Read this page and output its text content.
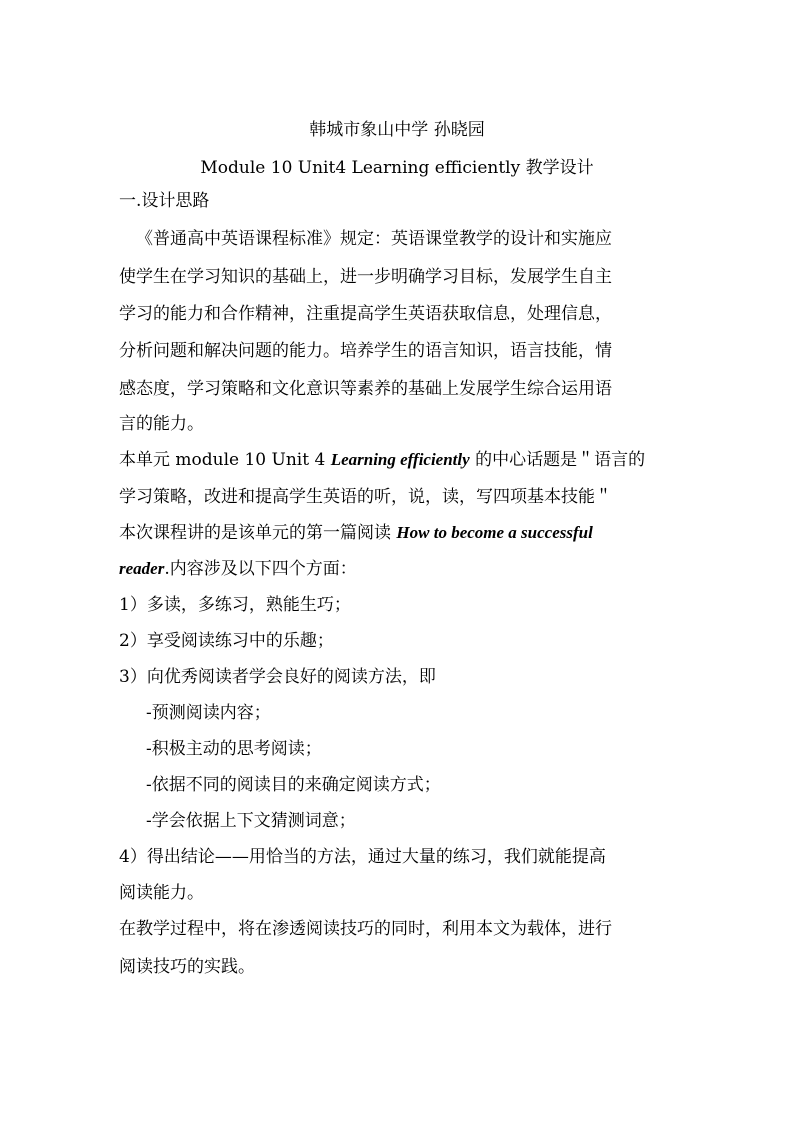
韩城市象山中学 孙晓园

Module 10 Unit4 Learning efficiently 教学设计

一.设计思路

《普通高中英语课程标准》规定：英语课堂教学的设计和实施应

使学生在学习知识的基础上，进一步明确学习目标，发展学生自主

学习的能力和合作精神，注重提高学生英语获取信息，处理信息，

分析问题和解决问题的能力。培养学生的语言知识，语言技能，情

感态度，学习策略和文化意识等素养的基础上发展学生综合运用语

言的能力。

本单元 module 10 Unit 4 Learning efficiently 的中心话题是＂语言的

学习策略，改进和提高学生英语的听，说，读，写四项基本技能＂

本次课程讲的是该单元的第一篇阅读 How to become a successful

reader.内容涉及以下四个方面：

1）多读，多练习，熟能生巧；

2）享受阅读练习中的乐趣；

3）向优秀阅读者学会良好的阅读方法，即

-预测阅读内容；

-积极主动的思考阅读；

-依据不同的阅读目的来确定阅读方式；

-学会依据上下文猜测词意；

4）得出结论——用恰当的方法，通过大量的练习，我们就能提高

阅读能力。

在教学过程中，将在渗透阅读技巧的同时，利用本文为载体，进行

阅读技巧的实践。
